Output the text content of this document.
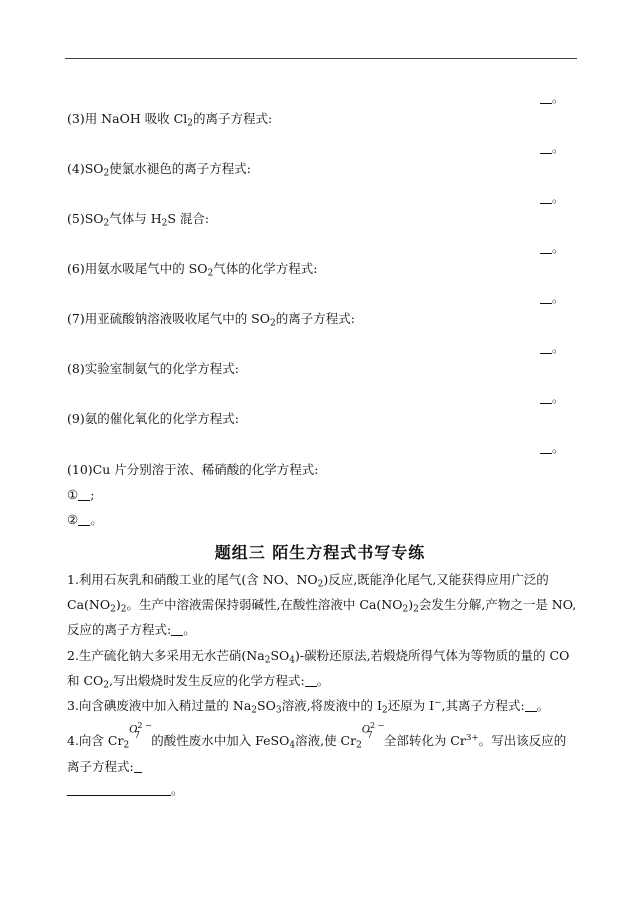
。
。
。
。
。
。
。
。
(3)用 NaOH 吸收 $Cl_2$的离子方程式:
$(4)SO_2$使氯水褪色的离子方程式:
$(5)SO_2$气体与 $H_2S$ 混合:
(6)用氨水吸尾气中的 $SO_2$气体的化学方程式:
(7)用亚硫酸钠溶液吸收尾气中的 $SO_2$的离子方程式:
(8)实验室制氨气的化学方程式:
(9)氨的催化氧化的化学方程式:
(10)Cu 片分别溶于浓、稀硝酸的化学方程式:
① ;
② 。
题组三 陌生方程式书写专练
1.利用石灰乳和硝酸工业的尾气(含 NO、$NO_2$)反应,既能净化尾气,又能获得应用广泛的
$Ca(NO_2)_2$。生产中溶液需保持弱碱性,在酸性溶液中 $Ca(NO_2)_2$会发生分解,产物之一是 NO,
反应的离子方程式: 。
2.生产硫化钠大多采用无水芒硝$(Na_2SO_4)-$碳粉还原法,若煅烧所得气体为等物质的量的 CO
和 $CO_2$,写出煅烧时发生反应的化学方程式: 。
3.向含碘废液中加入稍过量的 $Na_2SO_3$溶液,将废液中的 $I_2$还原为 I−,其离子方程式: 。
4.向含 $Cr_2$
$O^{2 -}$
7 的酸性废水中加入 FeSO$_4$溶液,使 $Cr_2$
$O^{2 -}$
7 全部转化为 $Cr^{3+}$。写出该反应的
离子方程式:
。
